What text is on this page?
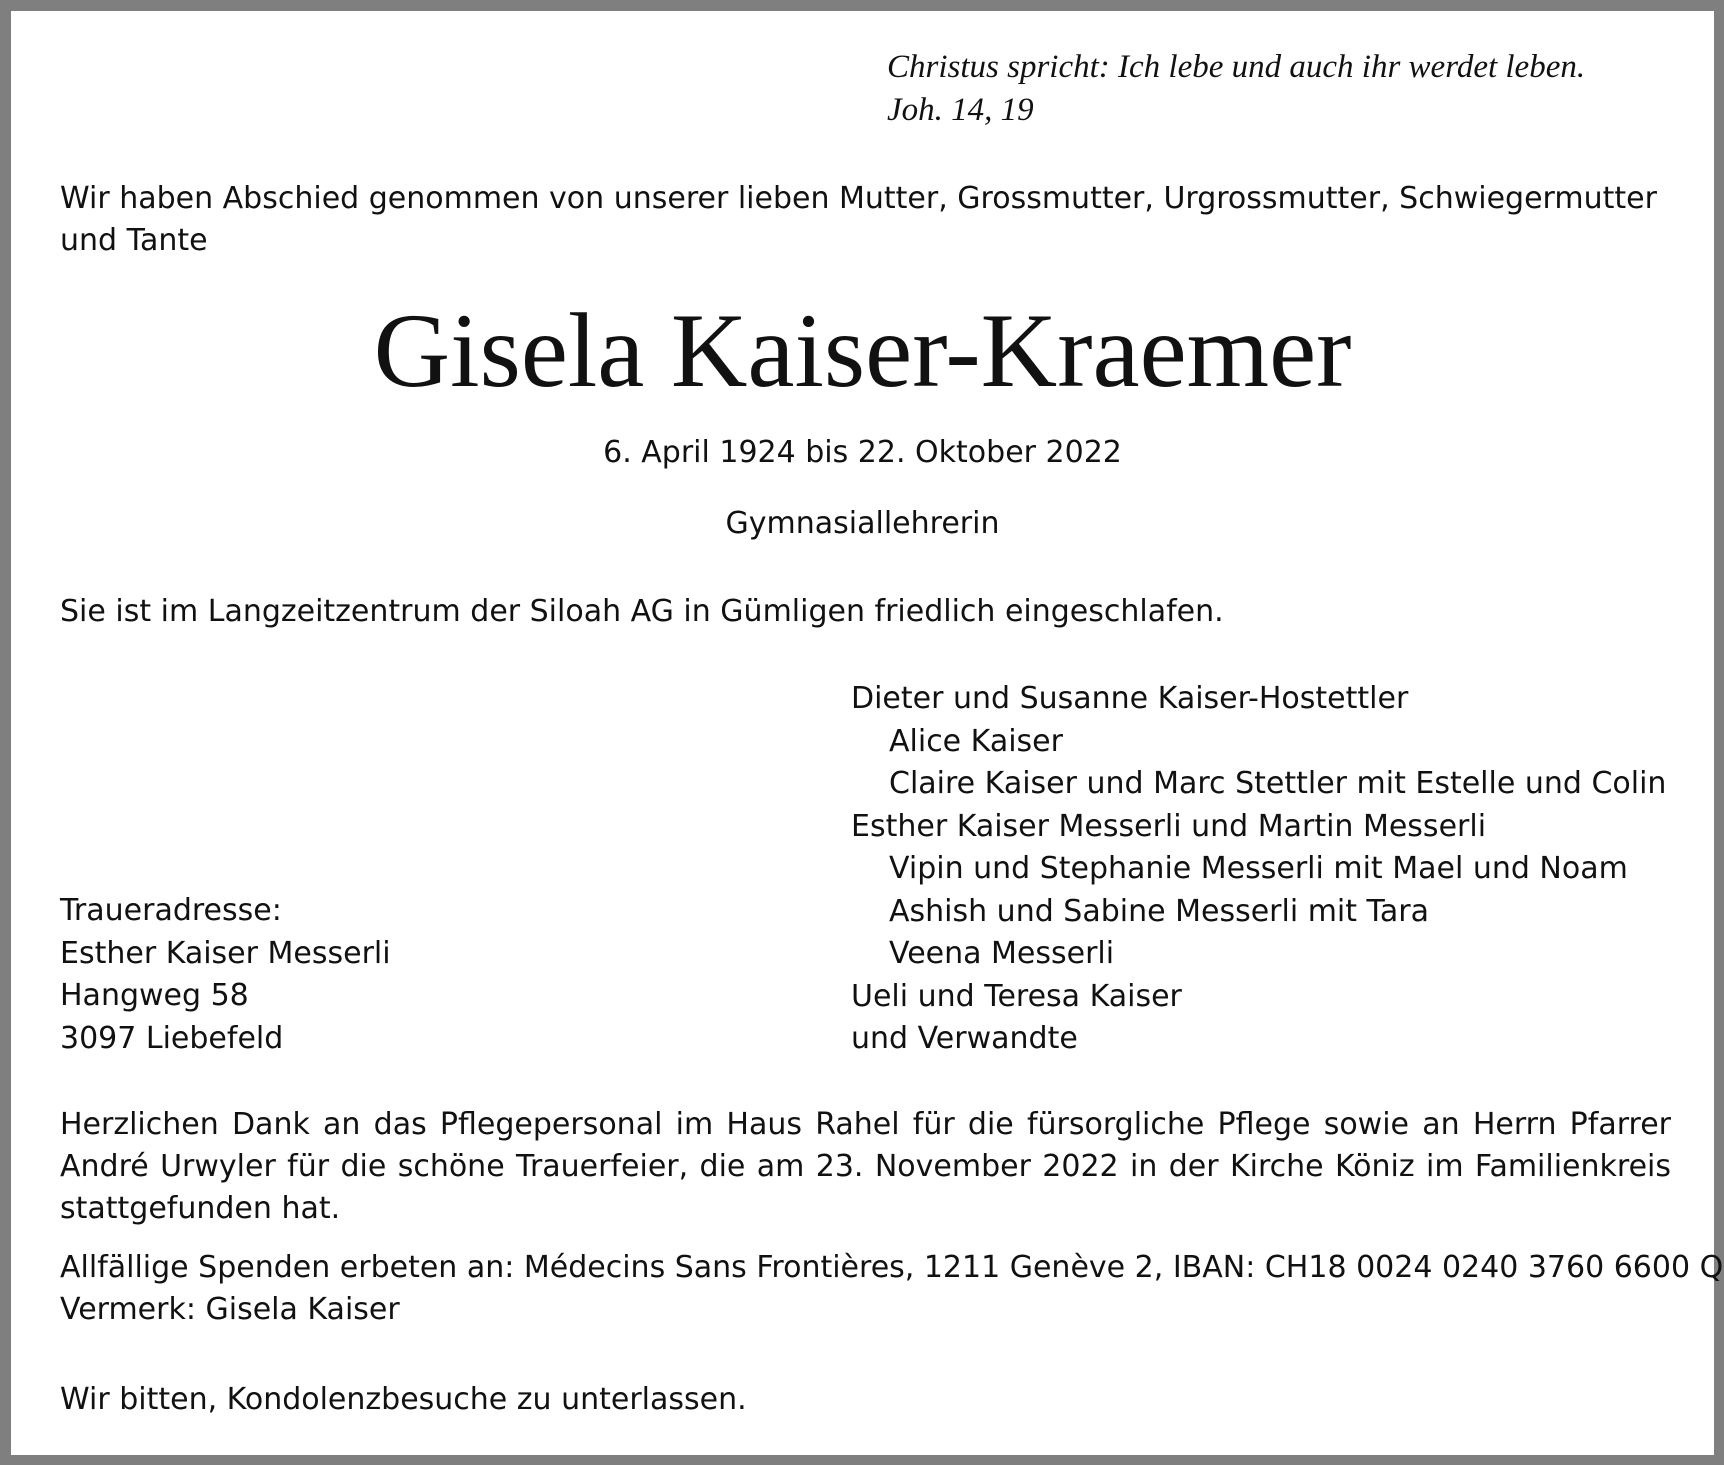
Christus spricht: Ich lebe und auch ihr werdet leben.
Joh. 14, 19
Wir haben Abschied genommen von unserer lieben Mutter, Grossmutter, Urgrossmutter, Schwiegermutter und Tante
Gisela Kaiser-Kraemer
6. April 1924 bis 22. Oktober 2022
Gymnasiallehrerin
Sie ist im Langzeitzentrum der Siloah AG in Gümligen friedlich eingeschlafen.
Dieter und Susanne Kaiser-Hostettler
Alice Kaiser
Claire Kaiser und Marc Stettler mit Estelle und Colin
Esther Kaiser Messerli und Martin Messerli
Vipin und Stephanie Messerli mit Mael und Noam
Ashish und Sabine Messerli mit Tara
Veena Messerli
Ueli und Teresa Kaiser
und Verwandte
Traueradresse:
Esther Kaiser Messerli
Hangweg 58
3097 Liebefeld
Herzlichen Dank an das Pflegepersonal im Haus Rahel für die fürsorgliche Pflege sowie an Herrn Pfarrer André Urwyler für die schöne Trauerfeier, die am 23. November 2022 in der Kirche Köniz im Familienkreis stattgefunden hat.
Allfällige Spenden erbeten an: Médecins Sans Frontières, 1211 Genève 2, IBAN: CH18 0024 0240 3760 6600 Q
Vermerk: Gisela Kaiser
Wir bitten, Kondolenzbesuche zu unterlassen.
